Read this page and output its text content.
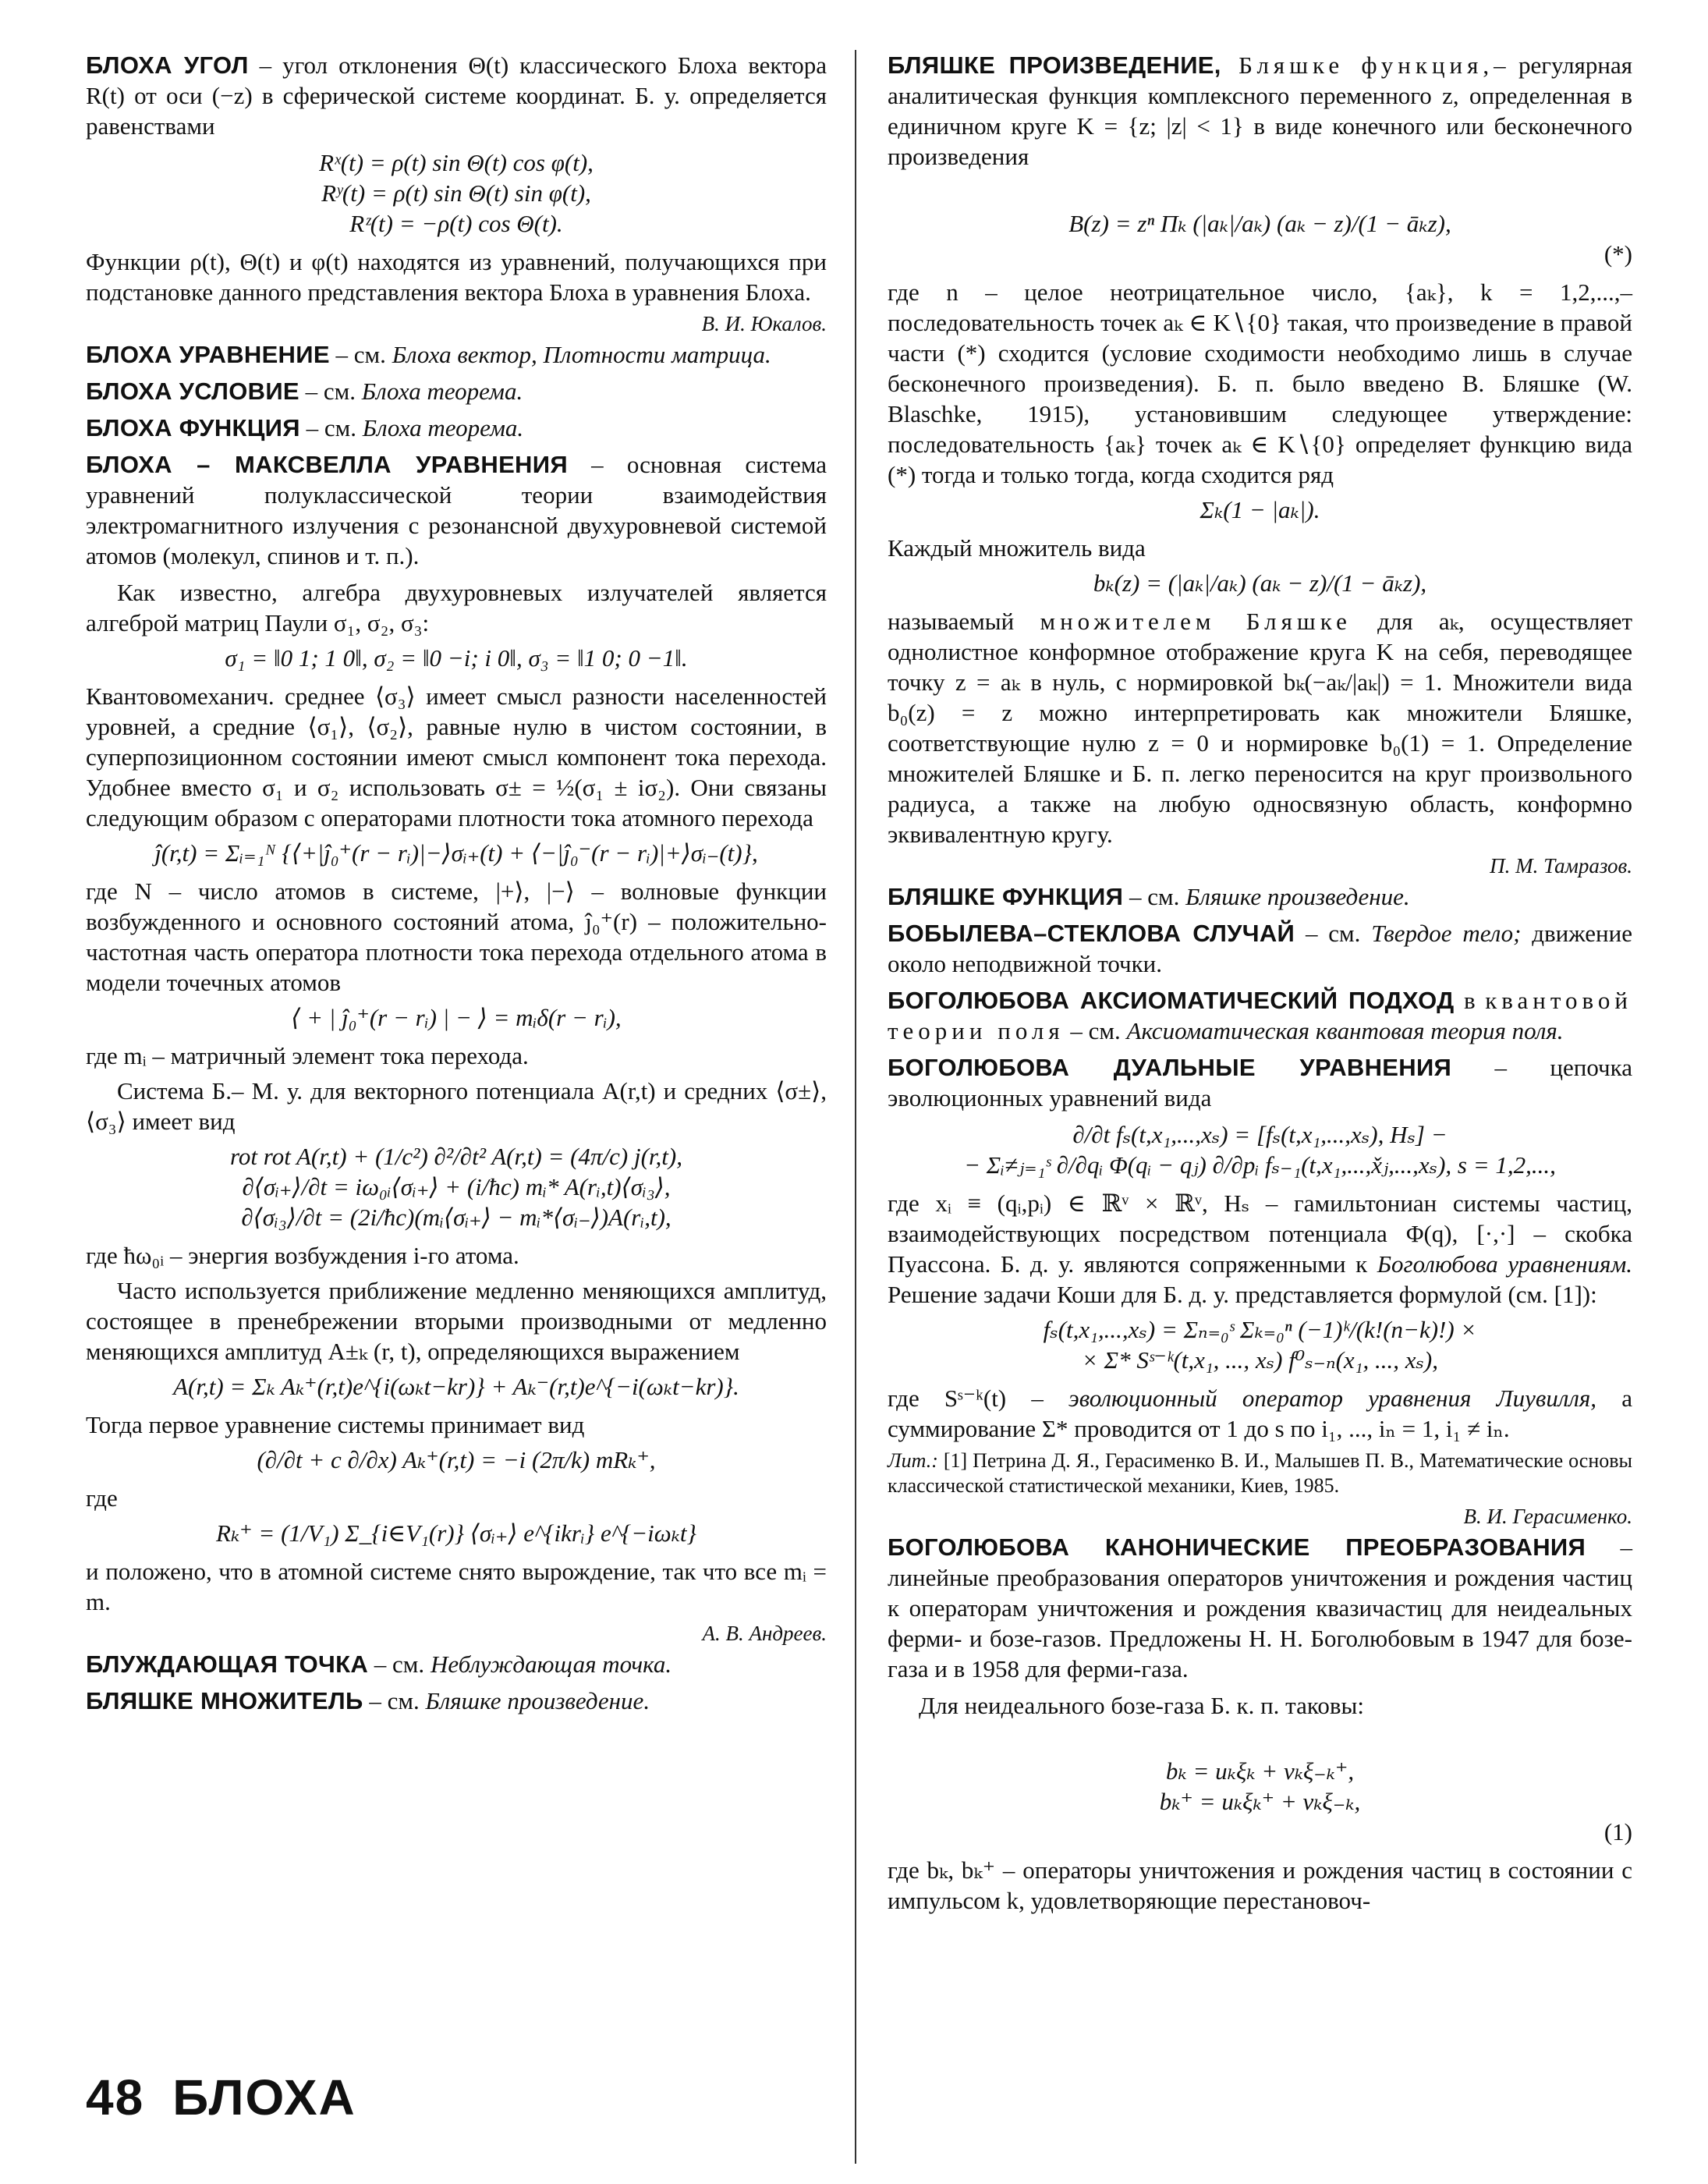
БЛОХА УГОЛ – угол отклонения Θ(t) классического Блоха вектора R(t) от оси (−z) в сферической системе координат. Б. у. определяется равенствами
Rˣ(t) = ρ(t) sin Θ(t) cos φ(t),
Rʸ(t) = ρ(t) sin Θ(t) sin φ(t),
Rᶻ(t) = −ρ(t) cos Θ(t).
Функции ρ(t), Θ(t) и φ(t) находятся из уравнений, получающихся при подстановке данного представления вектора Блоха в уравнения Блоха.
В. И. Юкалов.
БЛОХА УРАВНЕНИЕ – см. Блоха вектор, Плотности матрица.
БЛОХА УСЛОВИЕ – см. Блоха теорема.
БЛОХА ФУНКЦИЯ – см. Блоха теорема.
БЛОХА – МАКСВЕЛЛА УРАВНЕНИЯ – основная система уравнений полуклассической теории взаимодействия электромагнитного излучения с резонансной двухуровневой системой атомов (молекул, спинов и т. п.).
Как известно, алгебра двухуровневых излучателей является алгеброй матриц Паули σ₁, σ₂, σ₃:
σ₁ = ‖0 1; 1 0‖, σ₂ = ‖0 −i; i 0‖, σ₃ = ‖1 0; 0 −1‖.
Квантовомеханич. среднее ⟨σ₃⟩ имеет смысл разности населенностей уровней, а средние ⟨σ₁⟩, ⟨σ₂⟩, равные нулю в чистом состоянии, в суперпозиционном состоянии имеют смысл компонент тока перехода. Удобнее вместо σ₁ и σ₂ использовать σ± = ½(σ₁ ± iσ₂). Они связаны следующим образом с операторами плотности тока атомного перехода
ĵ(r,t) = Σᵢ₌₁ᴺ {⟨+|ĵ₀⁺(r − rᵢ)|−⟩σᵢ₊(t) + ⟨−|ĵ₀⁻(r − rᵢ)|+⟩σᵢ₋(t)},
где N – число атомов в системе, |+⟩, |−⟩ – волновые функции возбужденного и основного состояний атома, ĵ₀⁺(r) – положительно-частотная часть оператора плотности тока перехода отдельного атома в модели точечных атомов
⟨ + | ĵ₀⁺(r − rᵢ) | − ⟩ = mᵢδ(r − rᵢ),
где mᵢ – матричный элемент тока перехода.
Система Б.– М. у. для векторного потенциала A(r,t) и средних ⟨σ±⟩, ⟨σ₃⟩ имеет вид
rot rot A(r,t) + (1/c²) ∂²/∂t² A(r,t) = (4π/c) j(r,t),
∂⟨σᵢ₊⟩/∂t = iω₀ᵢ⟨σᵢ₊⟩ + (i/ħc) mᵢ* A(rᵢ,t)⟨σᵢ₃⟩,
∂⟨σᵢ₃⟩/∂t = (2i/ħc)(mᵢ⟨σᵢ₊⟩ − mᵢ*⟨σᵢ₋⟩)A(rᵢ,t),
где ħω₀ᵢ – энергия возбуждения i-го атома.
Часто используется приближение медленно меняющихся амплитуд, состоящее в пренебрежении вторыми производными от медленно меняющихся амплитуд A±ₖ (r, t), определяющихся выражением
A(r,t) = Σₖ Aₖ⁺(r,t)e^{i(ωₖt−kr)} + Aₖ⁻(r,t)e^{−i(ωₖt−kr)}.
Тогда первое уравнение системы принимает вид
(∂/∂t + c ∂/∂x) Aₖ⁺(r,t) = −i (2π/k) mRₖ⁺,
где
Rₖ⁺ = (1/V₁) Σ_{i∈V₁(r)} ⟨σᵢ₊⟩ e^{ikrᵢ} e^{−iωₖt}
и положено, что в атомной системе снято вырождение, так что все mᵢ = m.
А. В. Андреев.
БЛУЖДАЮЩАЯ ТОЧКА – см. Неблуждающая точка.
БЛЯШКЕ МНОЖИТЕЛЬ – см. Бляшке произведение.
БЛЯШКЕ ПРОИЗВЕДЕНИЕ, Бляшке функция,– регулярная аналитическая функция комплексного переменного z, определенная в единичном круге K = {z; |z| < 1} в виде конечного или бесконечного произведения

B(z) = zⁿ Πₖ (|aₖ|/aₖ) (aₖ − z)/(1 − āₖz),

(*)

где n – целое неотрицательное число, {aₖ}, k = 1,2,...,– последовательность точек aₖ ∈ K∖{0} такая, что произведение в правой части (*) сходится (условие сходимости необходимо лишь в случае бесконечного произведения). Б. п. было введено В. Бляшке (W. Blaschke, 1915), установившим следующее утверждение: последовательность {aₖ} точек aₖ ∈ K∖{0} определяет функцию вида (*) тогда и только тогда, когда сходится ряд
Σₖ(1 − |aₖ|).
Каждый множитель вида
bₖ(z) = (|aₖ|/aₖ) (aₖ − z)/(1 − āₖz),
называемый множителем Бляшке для aₖ, осуществляет однолистное конформное отображение круга K на себя, переводящее точку z = aₖ в нуль, с нормировкой bₖ(−aₖ/|aₖ|) = 1. Множители вида b₀(z) = z можно интерпретировать как множители Бляшке, соответствующие нулю z = 0 и нормировке b₀(1) = 1. Определение множителей Бляшке и Б. п. легко переносится на круг произвольного радиуса, а также на любую односвязную область, конформно эквивалентную кругу.
П. М. Тамразов.
БЛЯШКЕ ФУНКЦИЯ – см. Бляшке произведение.
БОБЫЛЕВА–СТЕКЛОВА СЛУЧАЙ – см. Твердое тело; движение около неподвижной точки.
БОГОЛЮБОВА АКСИОМАТИЧЕСКИЙ ПОДХОД в квантовой теории поля – см. Аксиоматическая квантовая теория поля.
БОГОЛЮБОВА ДУАЛЬНЫЕ УРАВНЕНИЯ – цепочка эволюционных уравнений вида
∂/∂t fₛ(t,x₁,...,xₛ) = [fₛ(t,x₁,...,xₛ), Hₛ] −
− Σᵢ≠ⱼ₌₁ˢ ∂/∂qᵢ Φ(qᵢ − qⱼ) ∂/∂pᵢ fₛ₋₁(t,x₁,...,x̌ⱼ,...,xₛ), s = 1,2,...,
где xᵢ ≡ (qᵢ,pᵢ) ∈ ℝᵛ × ℝᵛ, Hₛ – гамильтониан системы частиц, взаимодействующих посредством потенциала Φ(q), [·,·] – скобка Пуассона. Б. д. у. являются сопряженными к Боголюбова уравнениям. Решение задачи Коши для Б. д. у. представляется формулой (см. [1]):
fₛ(t,x₁,...,xₛ) = Σₙ₌₀ˢ Σₖ₌₀ⁿ (−1)ᵏ/(k!(n−k)!) ×
× Σ* Sˢ⁻ᵏ(t,x₁, ..., xₛ) f⁰ₛ₋ₙ(x₁, ..., xₛ),
где Sˢ⁻ᵏ(t) – эволюционный оператор уравнения Лиувилля, а суммирование Σ* проводится от 1 до s по i₁, ..., iₙ = 1, i₁ ≠ iₙ.
Лит.: [1] Петрина Д. Я., Герасименко В. И., Малышев П. В., Математические основы классической статистической механики, Киев, 1985.
В. И. Герасименко.
БОГОЛЮБОВА КАНОНИЧЕСКИЕ ПРЕОБРАЗОВАНИЯ – линейные преобразования операторов уничтожения и рождения частиц к операторам уничтожения и рождения квазичастиц для неидеальных ферми- и бозе-газов. Предложены Н. Н. Боголюбовым в 1947 для бозе-газа и в 1958 для ферми-газа.
Для неидеального бозе-газа Б. к. п. таковы:

bₖ = uₖξₖ + vₖξ₋ₖ⁺,
bₖ⁺ = uₖξₖ⁺ + vₖξ₋ₖ,

(1)

где bₖ, bₖ⁺ – операторы уничтожения и рождения частиц в состоянии с импульсом k, удовлетворяющие перестановоч-
48 БЛОХА
